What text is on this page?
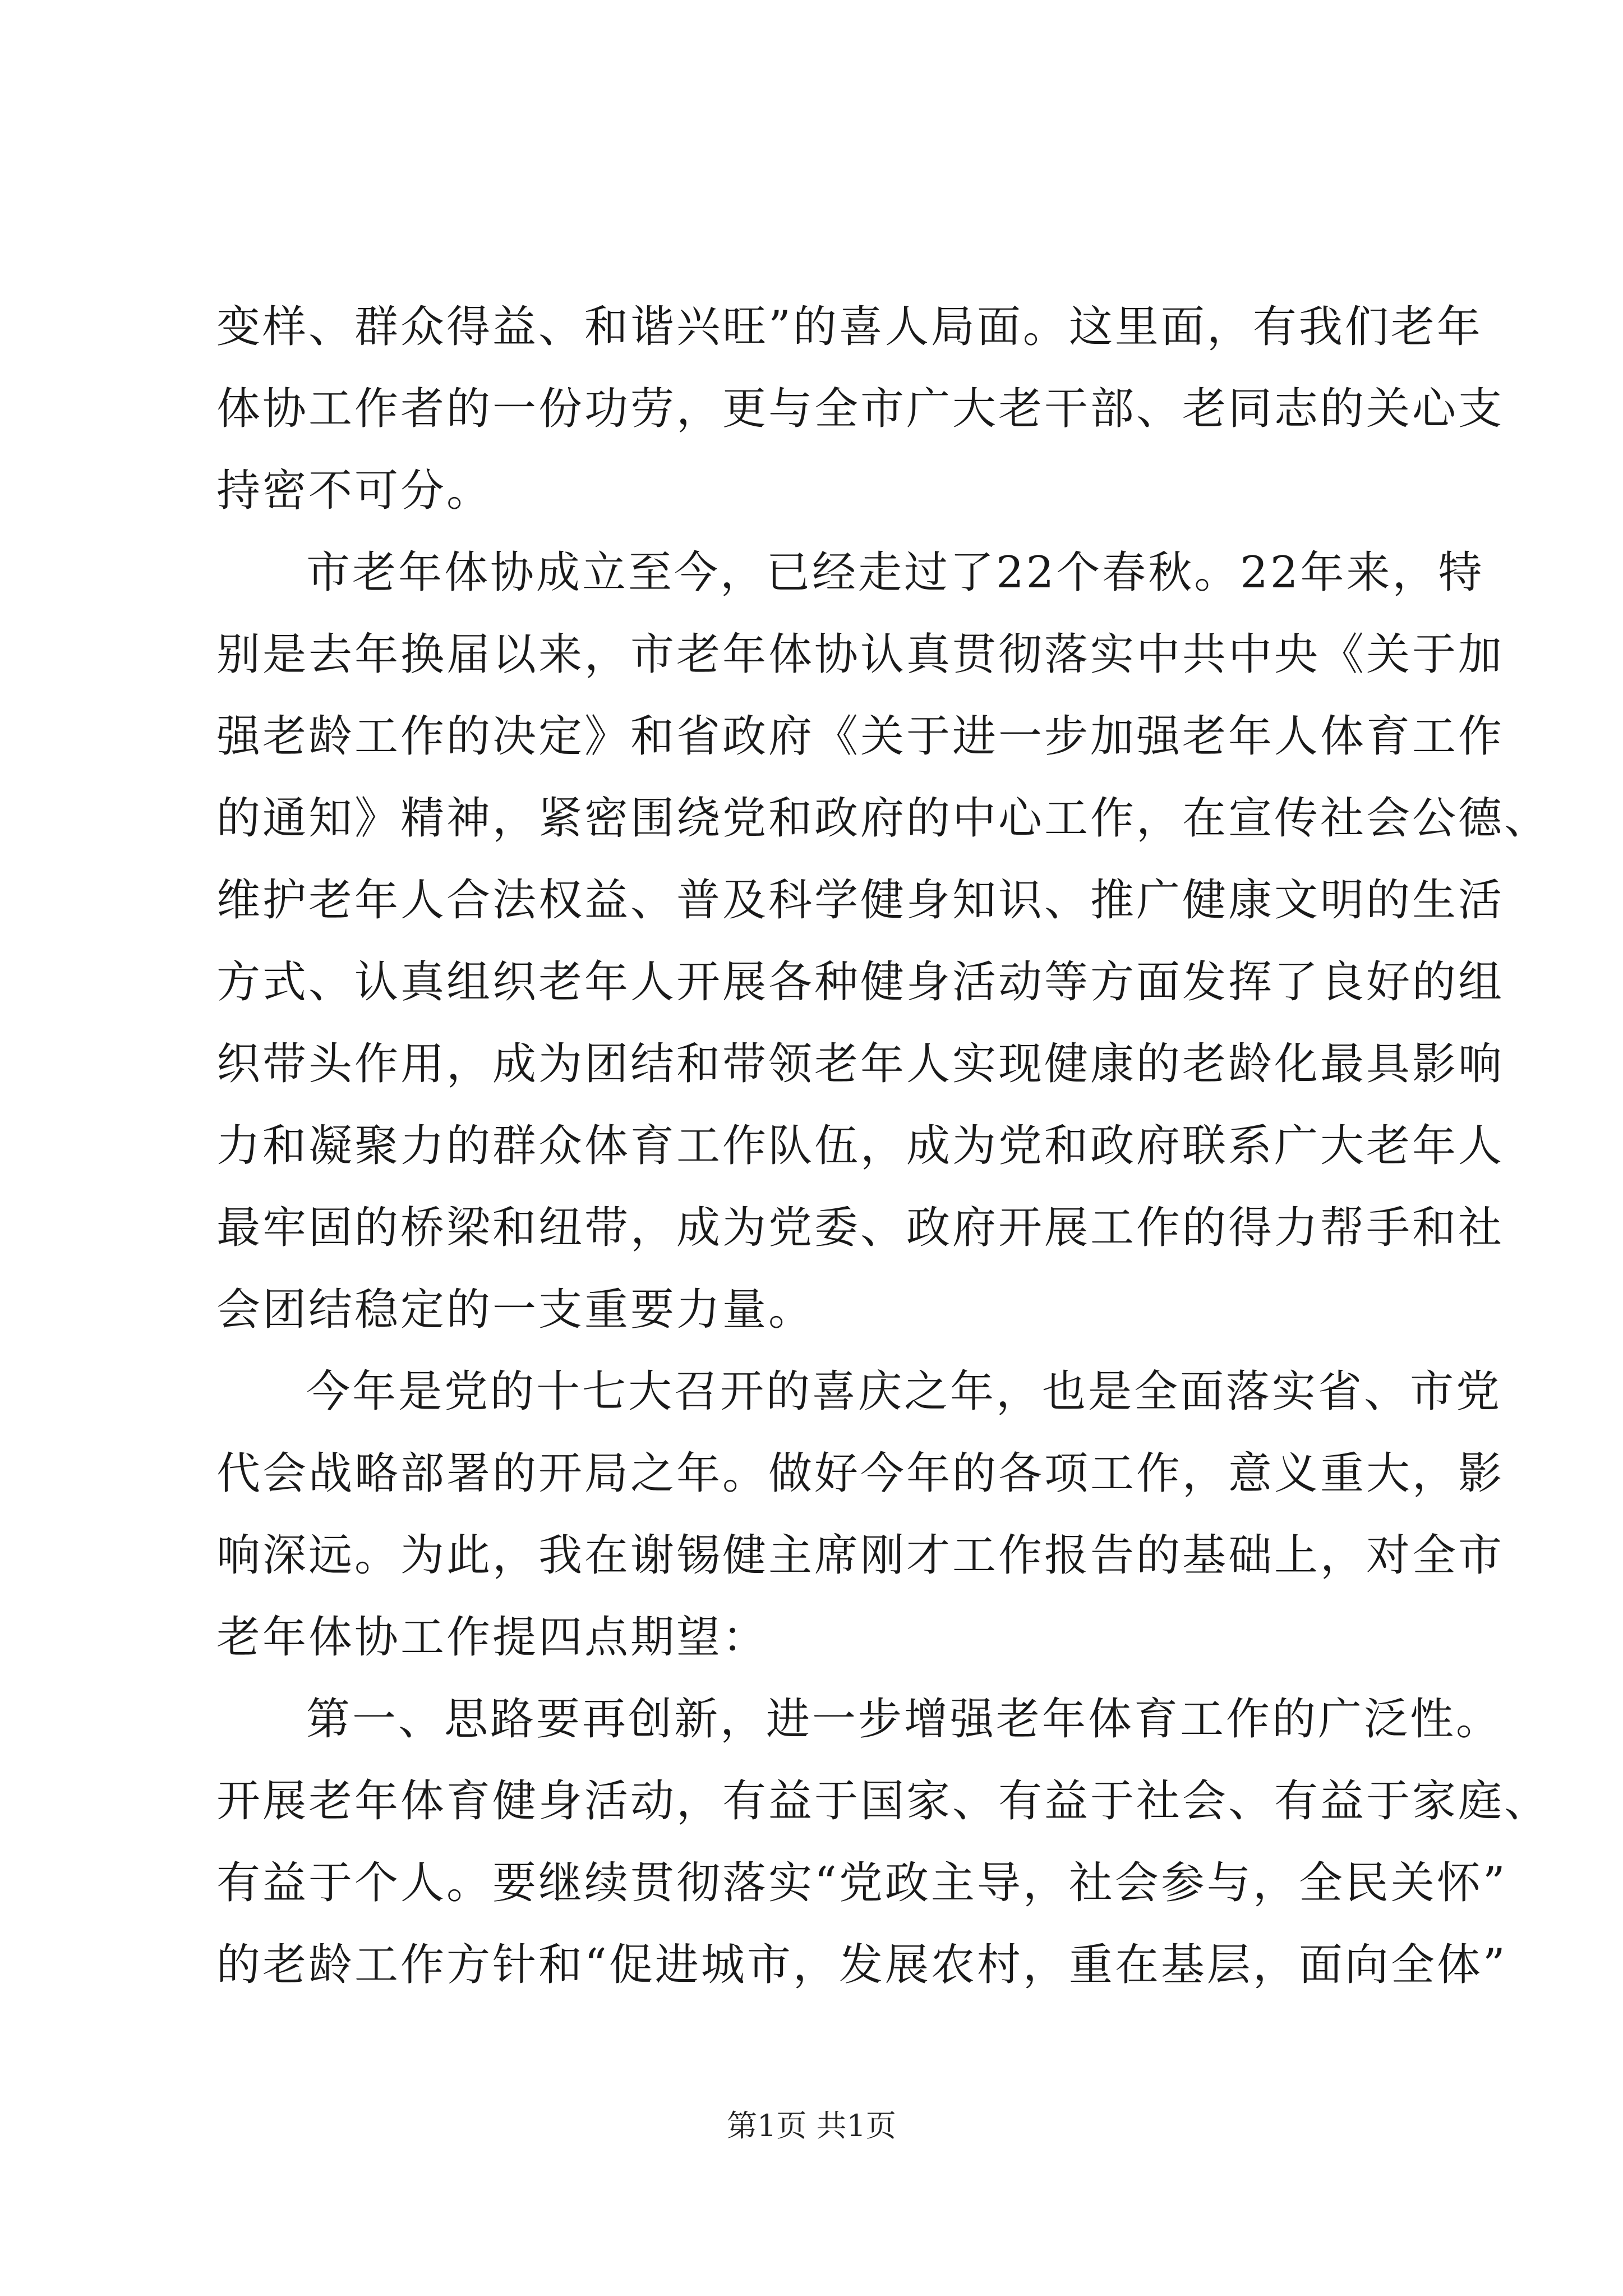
变样、群众得益、和谐兴旺”的喜人局面。这里面，有我们老年
体协工作者的一份功劳，更与全市广大老干部、老同志的关心支
持密不可分。
市老年体协成立至今，已经走过了22个春秋。22年来，特
别是去年换届以来，市老年体协认真贯彻落实中共中央《关于加
强老龄工作的决定》和省政府《关于进一步加强老年人体育工作
的通知》精神，紧密围绕党和政府的中心工作，在宣传社会公德、
维护老年人合法权益、普及科学健身知识、推广健康文明的生活
方式、认真组织老年人开展各种健身活动等方面发挥了良好的组
织带头作用，成为团结和带领老年人实现健康的老龄化最具影响
力和凝聚力的群众体育工作队伍，成为党和政府联系广大老年人
最牢固的桥梁和纽带，成为党委、政府开展工作的得力帮手和社
会团结稳定的一支重要力量。
今年是党的十七大召开的喜庆之年，也是全面落实省、市党
代会战略部署的开局之年。做好今年的各项工作，意义重大，影
响深远。为此，我在谢锡健主席刚才工作报告的基础上，对全市
老年体协工作提四点期望：
第一、思路要再创新，进一步增强老年体育工作的广泛性。
开展老年体育健身活动，有益于国家、有益于社会、有益于家庭、
有益于个人。要继续贯彻落实“党政主导，社会参与，全民关怀”
的老龄工作方针和“促进城市，发展农村，重在基层，面向全体”
第1页 共1页
